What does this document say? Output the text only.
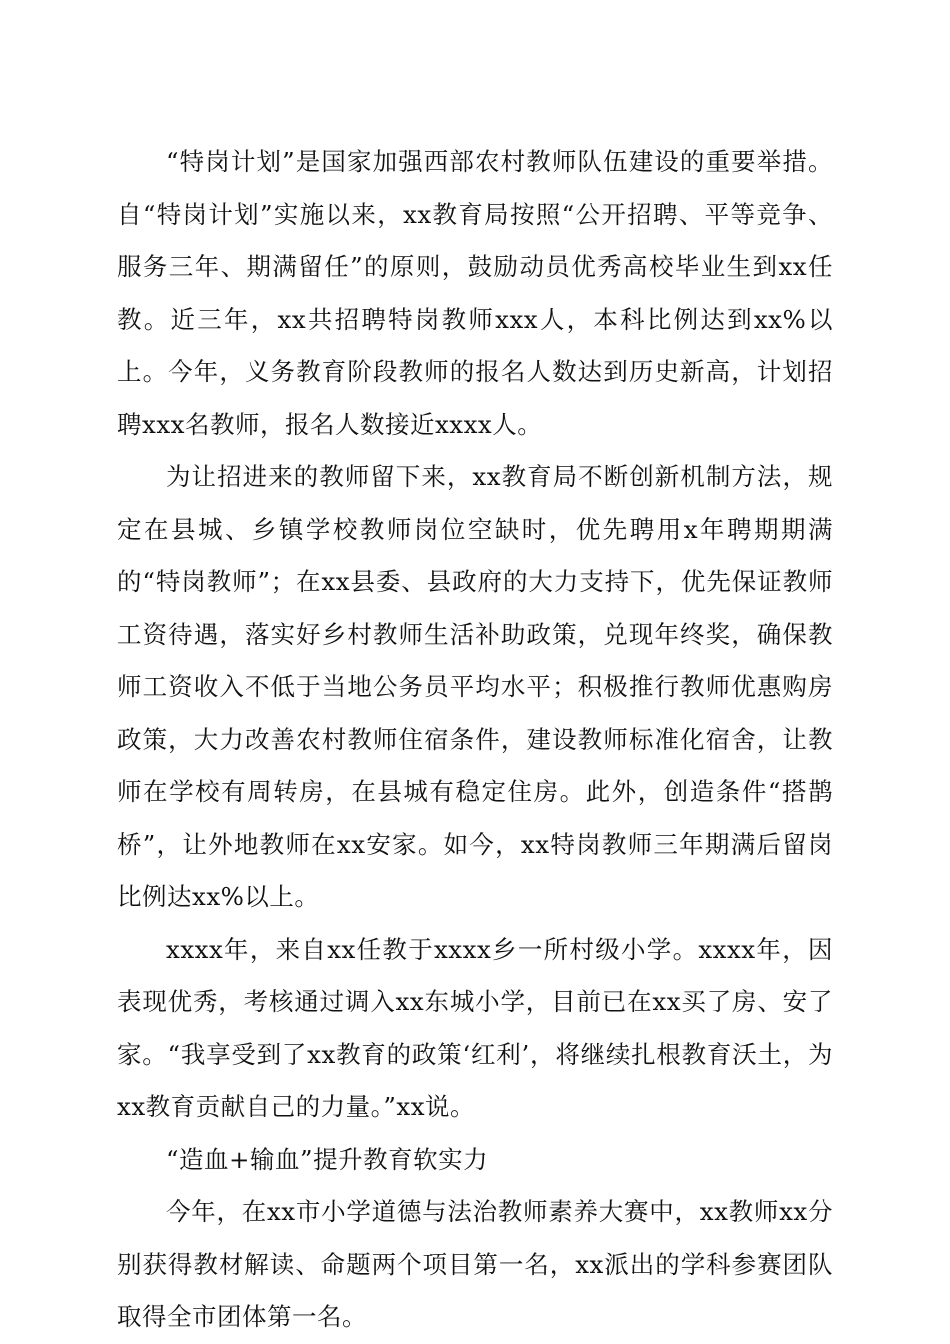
“特岗计划”是国家加强西部农村教师队伍建设的重要举措。自“特岗计划”实施以来，xx教育局按照“公开招聘、平等竞争、服务三年、期满留任”的原则，鼓励动员优秀高校毕业生到xx任教。近三年，xx共招聘特岗教师xxx人，本科比例达到xx%以上。今年，义务教育阶段教师的报名人数达到历史新高，计划招聘xxx名教师，报名人数接近xxxx人。

为让招进来的教师留下来，xx教育局不断创新机制方法，规定在县城、乡镇学校教师岗位空缺时，优先聘用x年聘期期满的“特岗教师”；在xx县委、县政府的大力支持下，优先保证教师工资待遇，落实好乡村教师生活补助政策，兑现年终奖，确保教师工资收入不低于当地公务员平均水平；积极推行教师优惠购房政策，大力改善农村教师住宿条件，建设教师标准化宿舍，让教师在学校有周转房，在县城有稳定住房。此外，创造条件“搭鹊桥”，让外地教师在xx安家。如今，xx特岗教师三年期满后留岗比例达xx%以上。

xxxx年，来自xx任教于xxxx乡一所村级小学。xxxx年，因表现优秀，考核通过调入xx东城小学，目前已在xx买了房、安了家。“我享受到了xx教育的政策‘红利’，将继续扎根教育沃土，为xx教育贡献自己的力量。”xx说。

“造血+输血”提升教育软实力

今年，在xx市小学道德与法治教师素养大赛中，xx教师xx分别获得教材解读、命题两个项目第一名，xx派出的学科参赛团队取得全市团体第一名。
